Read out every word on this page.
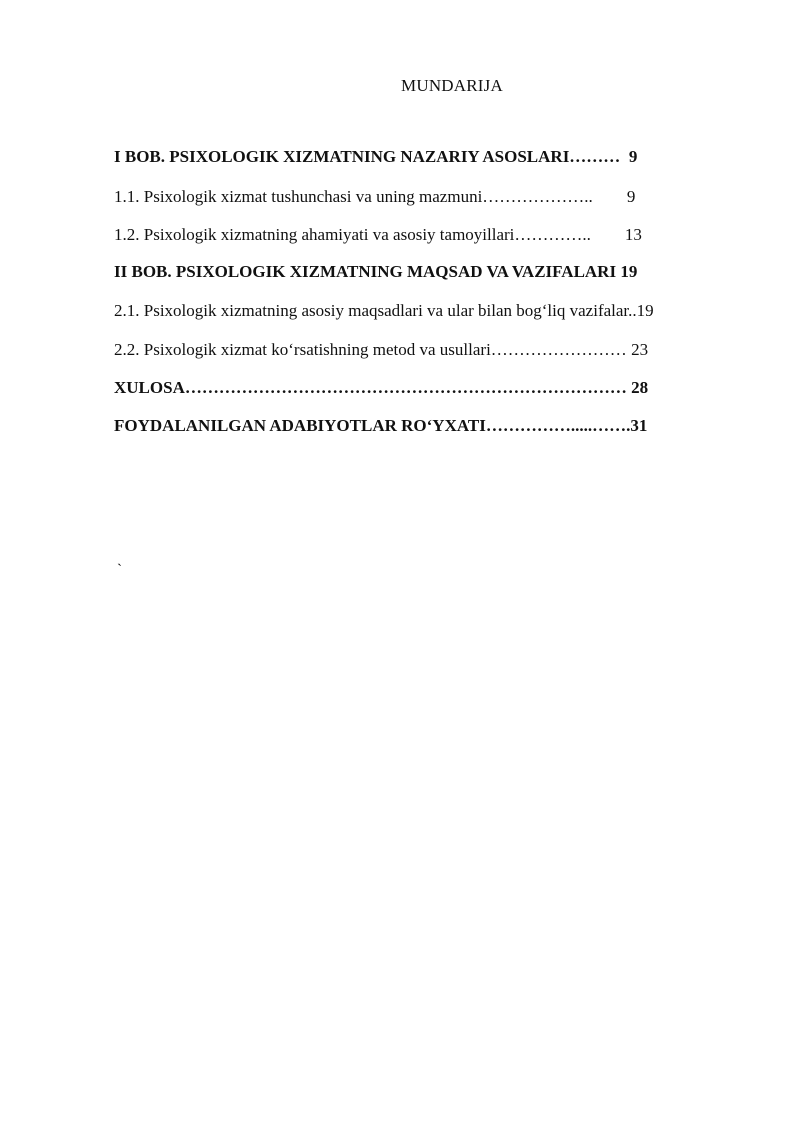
MUNDARIJA
I BOB. PSIXOLOGIK XIZMATNING NAZARIY ASOSLARI………  9
1.1. Psixologik xizmat tushunchasi va uning mazmuni………………..        9
1.2. Psixologik xizmatning ahamiyati va asosiy tamoyillari…………..        13
II BOB. PSIXOLOGIK XIZMATNING MAQSAD VA VAZIFALARI 19
2.1. Psixologik xizmatning asosiy maqsadlari va ular bilan bog‘liq vazifalar..19
2.2. Psixologik xizmat ko‘rsatishning metod va usullari…………………… 23
XULOSA…………………………………………………………………… 28
FOYDALANILGAN ADABIYOTLAR RO‘YXATI…………….....…….31
`
